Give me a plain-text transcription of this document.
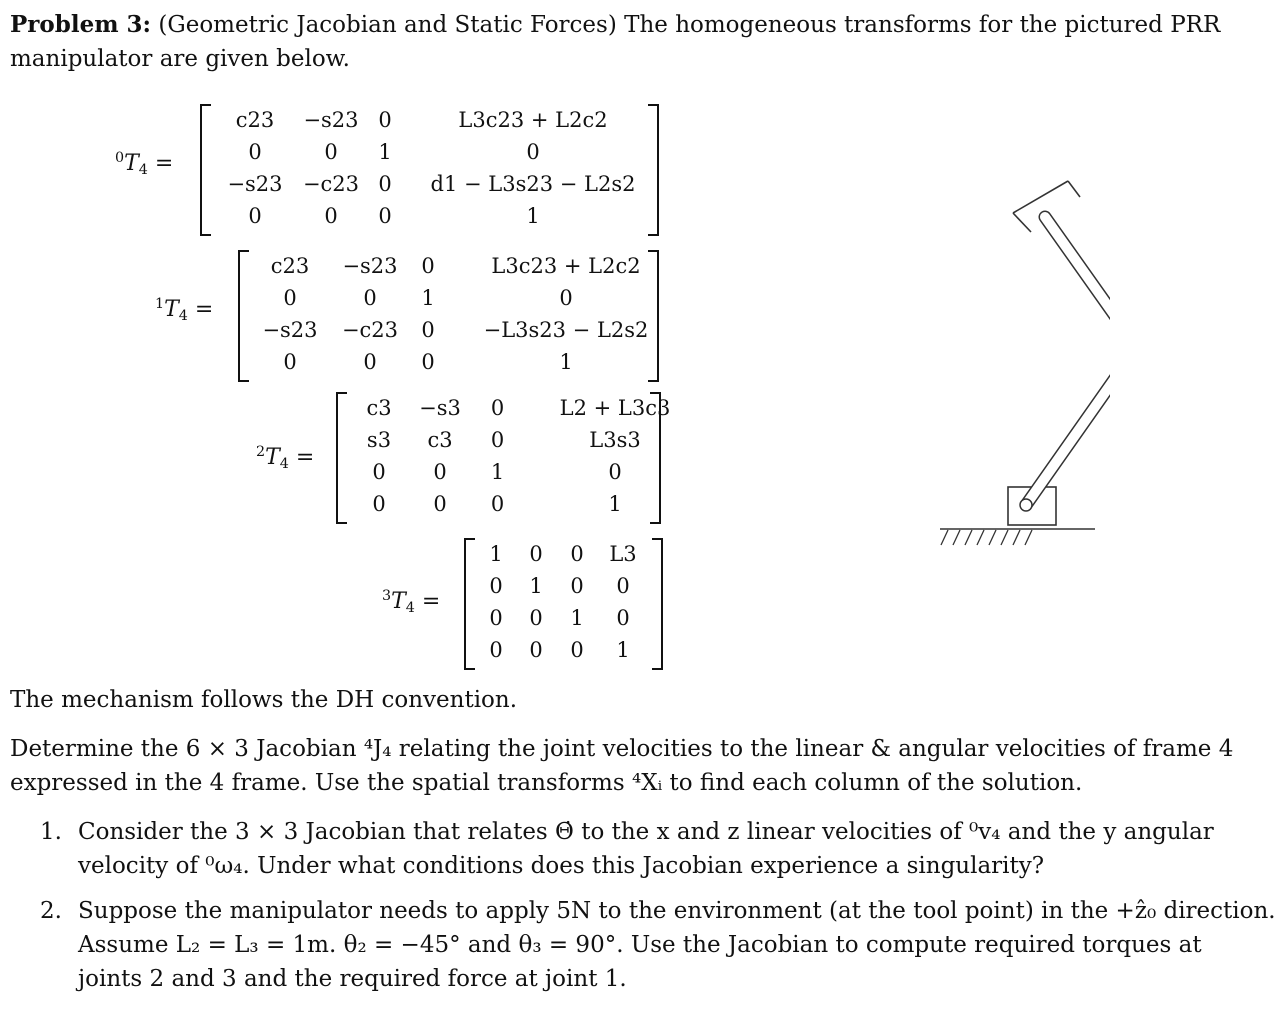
Problem 3: (Geometric Jacobian and Static Forces) The homogeneous transforms for the pictured PRR
manipulator are given below.
$^0T_4$ =
c23	−s23	0	L3c23 + L2c2
0	0	1	0
−s23	−c23	0	d1 − L3s23 − L2s2
0	0	0	1
$^1T_4$ =
c23	−s23	0	L3c23 + L2c2
0	0	1	0
−s23	−c23	0	−L3s23 − L2s2
0	0	0	1
$^2T_4$ =
c3	−s3	0	L2 + L3c3
s3	c3	0	L3s3
0	0	1	0
0	0	0	1
$^3T_4$ =
1	0	0	L3
0	1	0	0
0	0	1	0
0	0	0	1
The mechanism follows the DH convention.
Determine the 6 × 3 Jacobian ⁴J₄ relating the joint velocities to the linear & angular velocities of frame 4
expressed in the 4 frame. Use the spatial transforms ⁴Xᵢ to find each column of the solution.
1. Consider the 3 × 3 Jacobian that relates Θ̇ to the x and z linear velocities of ⁰v₄ and the y angular
velocity of ⁰ω₄. Under what conditions does this Jacobian experience a singularity?
2. Suppose the manipulator needs to apply 5N to the environment (at the tool point) in the +ẑ₀ direction.
Assume L₂ = L₃ = 1m. θ₂ = −45° and θ₃ = 90°. Use the Jacobian to compute required torques at
joints 2 and 3 and the required force at joint 1.
